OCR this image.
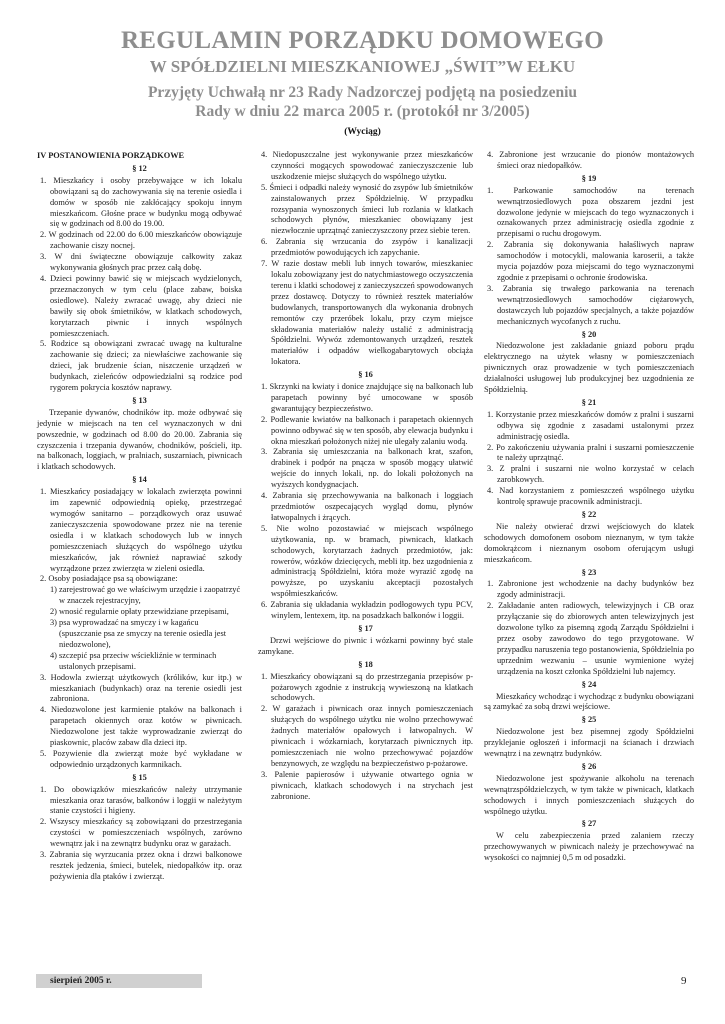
REGULAMIN PORZĄDKU DOMOWEGO
W SPÓŁDZIELNI MIESZKANIOWEJ „ŚWIT”W EŁKU
Przyjęty Uchwałą nr 23 Rady Nadzorczej podjętą na posiedzeniu
Rady w dniu 22 marca 2005 r. (protokół nr 3/2005)
(Wyciąg)
IV POSTANOWIENIA PORZĄDKOWE
§ 12

1. Mieszkańcy i osoby przebywające w ich lokalu obowiązani są do zachowywania się na terenie osiedla i domów w sposób nie zakłócający spokoju innym mieszkańcom. Głośne prace w budynku mogą odbywać się w godzinach od 8.00 do 19.00.

2. W godzinach od 22.00 do 6.00 mieszkańców obowiązuje zachowanie ciszy nocnej.

3. W dni świąteczne obowiązuje całkowity zakaz wykonywania głośnych prac przez całą dobę.

4. Dzieci powinny bawić się w miejscach wydzielonych, przeznaczonych w tym celu (place zabaw, boiska osiedlowe). Należy zwracać uwagę, aby dzieci nie bawiły się obok śmietników, w klatkach schodowych, korytarzach piwnic i innych wspólnych pomieszczeniach.

5. Rodzice są obowiązani zwracać uwagę na kulturalne zachowanie się dzieci; za niewłaściwe zachowanie się dzieci, jak brudzenie ścian, niszczenie urządzeń w budynkach, zieleńców odpowiedzialni są rodzice pod rygorem pokrycia kosztów naprawy.

§ 13

Trzepanie dywanów, chodników itp. może odbywać się jedynie w miejscach na ten cel wyznaczonych w dni powszednie, w godzinach od 8.00 do 20.00. Zabrania się czyszczenia i trzepania dywanów, chodników, pościeli, itp. na balkonach, loggiach, w pralniach, suszarniach, piwnicach i klatkach schodowych.

§ 14

1. Mieszkańcy posiadający w lokalach zwierzęta powinni im zapewnić odpowiednią opiekę, przestrzegać wymogów sanitarno – porządkowych oraz usuwać zanieczyszczenia spowodowane przez nie na terenie osiedla i w klatkach schodowych lub w innych pomieszczeniach służących do wspólnego użytku mieszkańców, jak również naprawiać szkody wyrządzone przez zwierzęta w zieleni osiedla.

2. Osoby posiadające psa są obowiązane:

1) zarejestrować go we właściwym urzędzie i zaopatrzyć w znaczek rejestracyjny,

2) wnosić regularnie opłaty przewidziane przepisami,

3) psa wyprowadzać na smyczy i w kagańcu (spuszczanie psa ze smyczy na terenie osiedla jest niedozwolone),

4) szczepić psa przeciw wściekliźnie w terminach ustalonych przepisami.

3. Hodowla zwierząt użytkowych (królików, kur itp.) w mieszkaniach (budynkach) oraz na terenie osiedli jest zabroniona.

4. Niedozwolone jest karmienie ptaków na balkonach i parapetach okiennych oraz kotów w piwnicach. Niedozwolone jest także wyprowadzanie zwierząt do piaskownic, placów zabaw dla dzieci itp.

5. Pozywienie dla zwierząt może być wykładane w odpowiednio urządzonych karmnikach.

§ 15

1. Do obowiązków mieszkańców należy utrzymanie mieszkania oraz tarasów, balkonów i loggii w należytym stanie czystości i higieny.

2. Wszyscy mieszkańcy są zobowiązani do przestrzegania czystości w pomieszczeniach wspólnych, zarówno wewnątrz jak i na zewnątrz budynku oraz w garażach.

3. Zabrania się wyrzucania przez okna i drzwi balkonowe resztek jedzenia, śmieci, butelek, niedopałków itp. oraz pożywienia dla ptaków i zwierząt.

4. Niedopuszczalne jest wykonywanie przez mieszkańców czynności mogących spowodować zanieczyszczenie lub uszkodzenie miejsc służących do wspólnego użytku.

5. Śmieci i odpadki należy wynosić do zsypów lub śmietników zainstalowanych przez Spółdzielnię. W przypadku rozsypania wynoszonych śmieci lub rozlania w klatkach schodowych płynów, mieszkaniec obowiązany jest niezwłocznie uprzątnąć zanieczyszczony przez siebie teren.

6. Zabrania się wrzucania do zsypów i kanalizacji przedmiotów powodujących ich zapychanie.

7. W razie dostaw mebli lub innych towarów, mieszkaniec lokalu zobowiązany jest do natychmiastowego oczyszczenia terenu i klatki schodowej z zanieczyszczeń spowodowanych przez dostawcę. Dotyczy to również resztek materiałów budowlanych, transportowanych dla wykonania drobnych remontów czy przeróbek lokalu, przy czym miejsce składowania materiałów należy ustalić z administracją Spółdzielni. Wywóz zdemontowanych urządzeń, resztek materiałów i odpadów wielkogabarytowych obciąża lokatora.

§ 16

1. Skrzynki na kwiaty i donice znajdujące się na balkonach lub parapetach powinny być umocowane w sposób gwarantujący bezpieczeństwo.

2. Podlewanie kwiatów na balkonach i parapetach okiennych powinno odbywać się w ten sposób, aby elewacja budynku i okna mieszkań położonych niżej nie ulegały zalaniu wodą.

3. Zabrania się umieszczania na balkonach krat, szafon, drabinek i podpór na pnącza w sposób mogący ułatwić wejście do innych lokali, np. do lokali położonych na wyższych kondygnacjach.

4. Zabrania się przechowywania na balkonach i loggiach przedmiotów oszpecających wygląd domu, płynów łatwopalnych i żrących.

5. Nie wolno pozostawiać w miejscach wspólnego użytkowania, np. w bramach, piwnicach, klatkach schodowych, korytarzach żadnych przedmiotów, jak: rowerów, wózków dziecięcych, mebli itp. bez uzgodnienia z administracją Spółdzielni, która może wyrazić zgodę na powyższe, po uzyskaniu akceptacji pozostałych współmieszkańców.

6. Zabrania się układania wykładzin podłogowych typu PCV, winylem, lentexem, itp. na posadzkach balkonów i loggii.

§ 17

Drzwi wejściowe do piwnic i wózkarni powinny być stale zamykane.

§ 18

1. Mieszkańcy obowiązani są do przestrzegania przepisów p-pożarowych zgodnie z instrukcją wywieszoną na klatkach schodowych.

2. W garażach i piwnicach oraz innych pomieszczeniach służących do wspólnego użytku nie wolno przechowywać żadnych materiałów opałowych i łatwopalnych. W piwnicach i wózkarniach, korytarzach piwnicznych itp. pomieszczeniach nie wolno przechowywać pojazdów benzynowych, ze względu na bezpieczeństwo p-pożarowe.

3. Palenie papierosów i używanie otwartego ognia w piwnicach, klatkach schodowych i na strychach jest zabronione.

4. Zabronione jest wrzucanie do pionów montażowych śmieci oraz niedopałków.

§ 19

1. Parkowanie samochodów na terenach wewnątrzosiedlowych poza obszarem jezdni jest dozwolone jedynie w miejscach do tego wyznaczonych i oznakowanych przez administrację osiedla zgodnie z przepisami o ruchu drogowym.

2. Zabrania się dokonywania hałaśliwych napraw samochodów i motocykli, malowania karoserii, a także mycia pojazdów poza miejscami do tego wyznaczonymi zgodnie z przepisami o ochronie środowiska.

3. Zabrania się trwałego parkowania na terenach wewnątrzosiedlowych samochodów ciężarowych, dostawczych lub pojazdów specjalnych, a także pojazdów mechanicznych wycofanych z ruchu.

§ 20

Niedozwolone jest zakładanie gniazd poboru prądu elektrycznego na użytek własny w pomieszczeniach piwnicznych oraz prowadzenie w tych pomieszczeniach działalności usługowej lub produkcyjnej bez uzgodnienia ze Spółdzielnią.

§ 21

1. Korzystanie przez mieszkańców domów z pralni i suszarni odbywa się zgodnie z zasadami ustalonymi przez administrację osiedla.

2. Po zakończeniu używania pralni i suszarni pomieszczenie te należy uprzątnąć.

3. Z pralni i suszarni nie wolno korzystać w celach zarobkowych.

4. Nad korzystaniem z pomieszczeń wspólnego użytku kontrolę sprawuje pracownik administracji.

§ 22

Nie należy otwierać drzwi wejściowych do klatek schodowych domofonem osobom nieznanym, w tym także domokrążcom i nieznanym osobom oferującym usługi mieszkańcom.

§ 23

1. Zabronione jest wchodzenie na dachy budynków bez zgody administracji.

2. Zakładanie anten radiowych, telewizyjnych i CB oraz przyłączanie się do zbiorowych anten telewizyjnych jest dozwolone tylko za pisemną zgodą Zarządu Spółdzielni i przez osoby zawodowo do tego przygotowane. W przypadku naruszenia tego postanowienia, Spółdzielnia po uprzednim wezwaniu – usunie wymienione wyżej urządzenia na koszt członka Spółdzielni lub najemcy.

§ 24

Mieszkańcy wchodząc i wychodząc z budynku obowiązani są zamykać za sobą drzwi wejściowe.

§ 25

Niedozwolone jest bez pisemnej zgody Spółdzielni przyklejanie ogłoszeń i informacji na ścianach i drzwiach wewnątrz i na zewnątrz budynków.

§ 26

Niedozwolone jest spożywanie alkoholu na terenach wewnątrzspółdzielczych, w tym także w piwnicach, klatkach schodowych i innych pomieszczeniach służących do wspólnego użytku.

§ 27

W celu zabezpieczenia przed zalaniem rzeczy przechowywanych w piwnicach należy je przechowywać na wysokości co najmniej 0,5 m od posadzki.

sierpień 2005 r.	9
